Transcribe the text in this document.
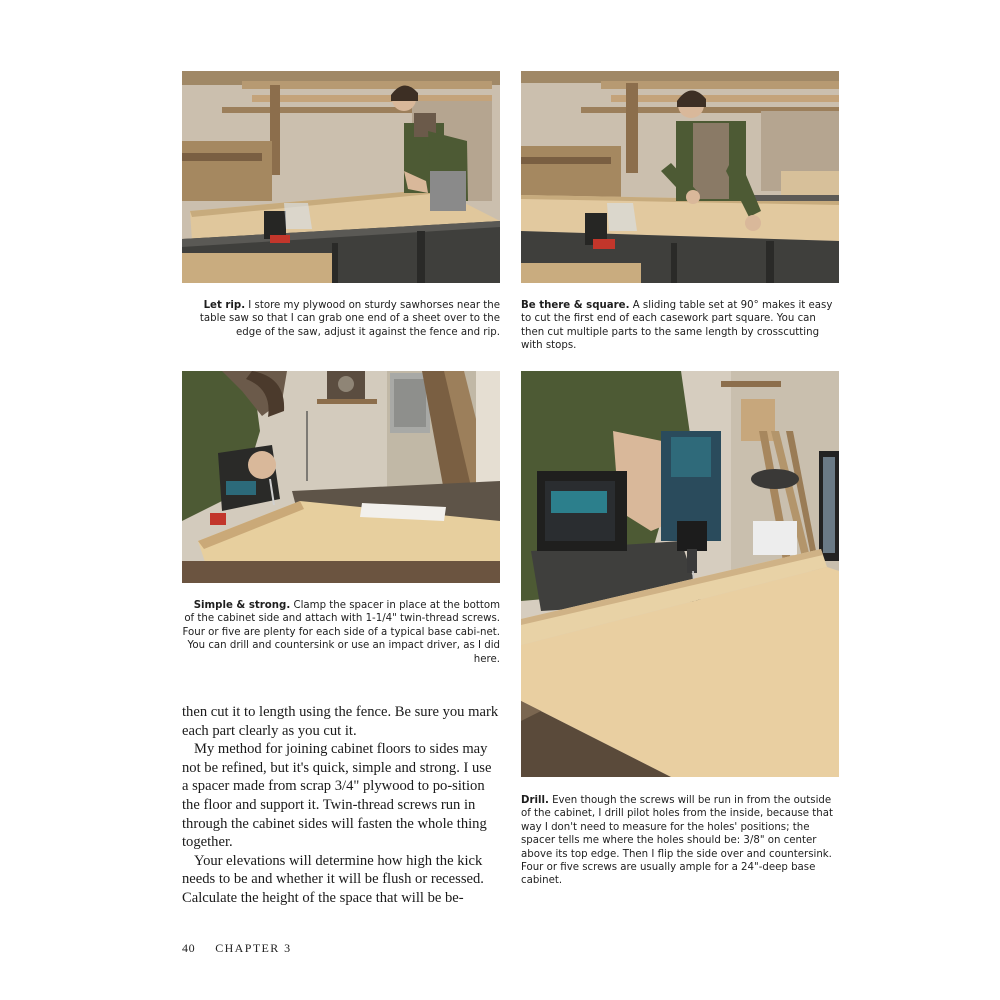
Let rip. I store my plywood on sturdy sawhorses near the table saw so that I can grab one end of a sheet over to the edge of the saw, adjust it against the fence and rip.
Be there & square. A sliding table set at 90° makes it easy to cut the first end of each casework part square. You can then cut multiple parts to the same length by crosscutting with stops.
Simple & strong. Clamp the spacer in place at the bottom of the cabinet side and attach with 1-1/4" twin-thread screws. Four or five are plenty for each side of a typical base cabi-net. You can drill and countersink or use an impact driver, as I did here.
Drill. Even though the screws will be run in from the outside of the cabinet, I drill pilot holes from the inside, because that way I don't need to measure for the holes' positions; the spacer tells me where the holes should be: 3/8" on center above its top edge. Then I flip the side over and countersink. Four or five screws are usually ample for a 24"-deep base cabinet.

then cut it to length using the fence. Be sure you mark each part clearly as you cut it.

My method for joining cabinet floors to sides may not be refined, but it's quick, simple and strong. I use a spacer made from scrap 3/4" plywood to po-sition the floor and support it. Twin-thread screws run in through the cabinet sides will fasten the whole thing together.

Your elevations will determine how high the kick needs to be and whether it will be flush or recessed. Calculate the height of the space that will be be-

40 CHAPTER 3
